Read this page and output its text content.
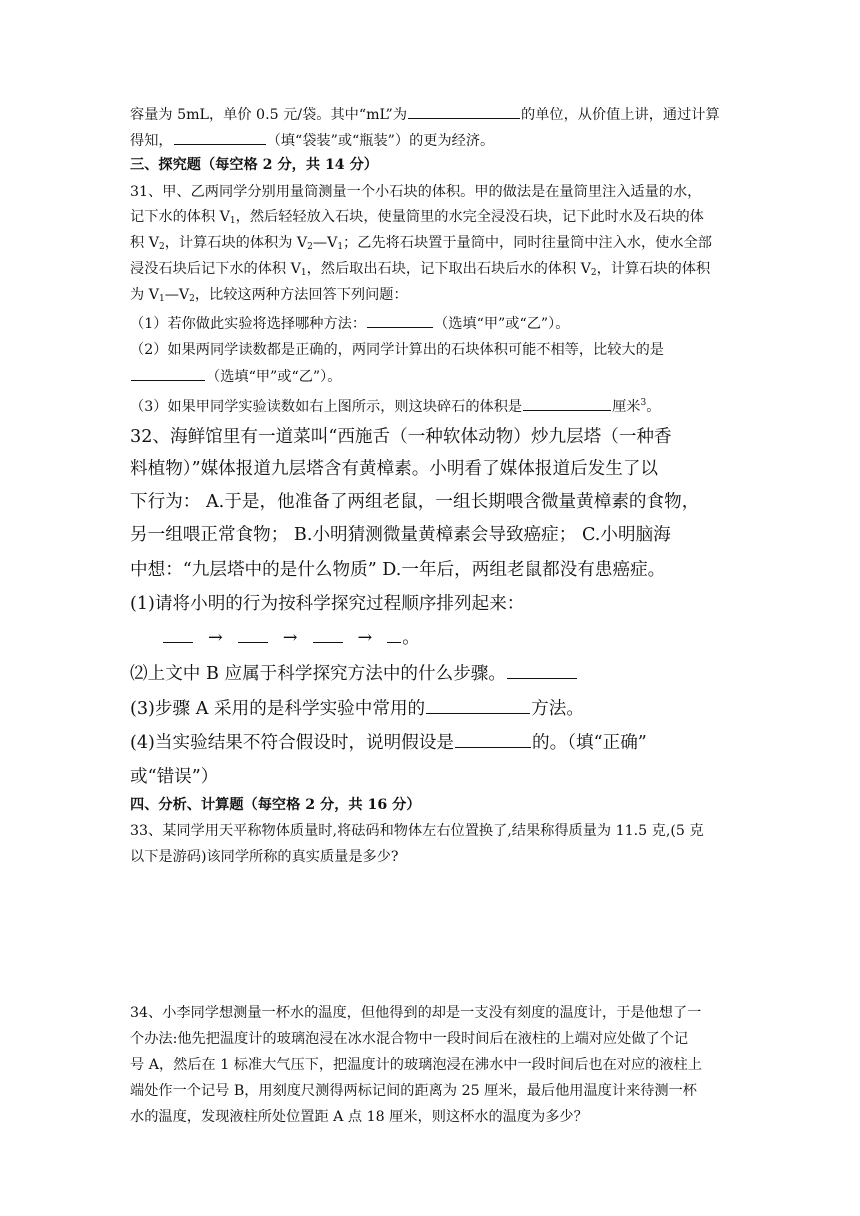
容量为 5mL，单价 0.5 元/袋。其中“mL”为	的单位，从价值上讲，通过计算
得知，	（填“袋装”或“瓶装”）的更为经济。
三、探究题（每空格 2 分，共 14 分）
31、甲、乙两同学分别用量筒测量一个小石块的体积。甲的做法是在量筒里注入适量的水，
记下水的体积 $V_1$，然后轻轻放入石块，使量筒里的水完全浸没石块，记下此时水及石块的体
积 $V_2$，计算石块的体积为 $V_2—V_1$；乙先将石块置于量筒中，同时往量筒中注入水，使水全部
浸没石块后记下水的体积 $V_1$，然后取出石块，记下取出石块后水的体积 $V_2$，计算石块的体积
为 $V_1—V_2$，比较这两种方法回答下列问题：
（1）若你做此实验将选择哪种方法：	（选填“甲”或“乙”）。
（2）如果两同学读数都是正确的，两同学计算出的石块体积可能不相等，比较大的是
（选填“甲”或“乙”）。
（3）如果甲同学实验读数如右上图所示，则这块碎石的体积是	厘米$^3$。
32、海鲜馆里有一道菜叫“西施舌（一种软体动物）炒九层塔（一种香
料植物）”媒体报道九层塔含有黄樟素。小明看了媒体报道后发生了以
下行为： A.于是，他准备了两组老鼠，一组长期喂含微量黄樟素的食物，
另一组喂正常食物； B.小明猜测微量黄樟素会导致癌症； C.小明脑海
中想：“九层塔中的是什么物质” D.一年后，两组老鼠都没有患癌症。
(1)请将小明的行为按科学探究过程顺序排列起来：
→	→	→ 。
⑵上文中 B 应属于科学探究方法中的什么步骤。
(3)步骤 A 采用的是科学实验中常用的	方法。
(4)当实验结果不符合假设时，说明假设是	的。（填“正确”
或“错误”）
四、分析、计算题（每空格 2 分，共 16 分）
33、某同学用天平称物体质量时,将砝码和物体左右位置换了,结果称得质量为 11.5 克,(5 克
以下是游码)该同学所称的真实质量是多少?
34、小李同学想测量一杯水的温度，但他得到的却是一支没有刻度的温度计，于是他想了一
个办法:他先把温度计的玻璃泡浸在冰水混合物中一段时间后在液柱的上端对应处做了个记
号 A，然后在 1 标准大气压下，把温度计的玻璃泡浸在沸水中一段时间后也在对应的液柱上
端处作一个记号 B，用刻度尺测得两标记间的距离为 25 厘米，最后他用温度计来待测一杯
水的温度，发现液柱所处位置距 A 点 18 厘米，则这杯水的温度为多少？
